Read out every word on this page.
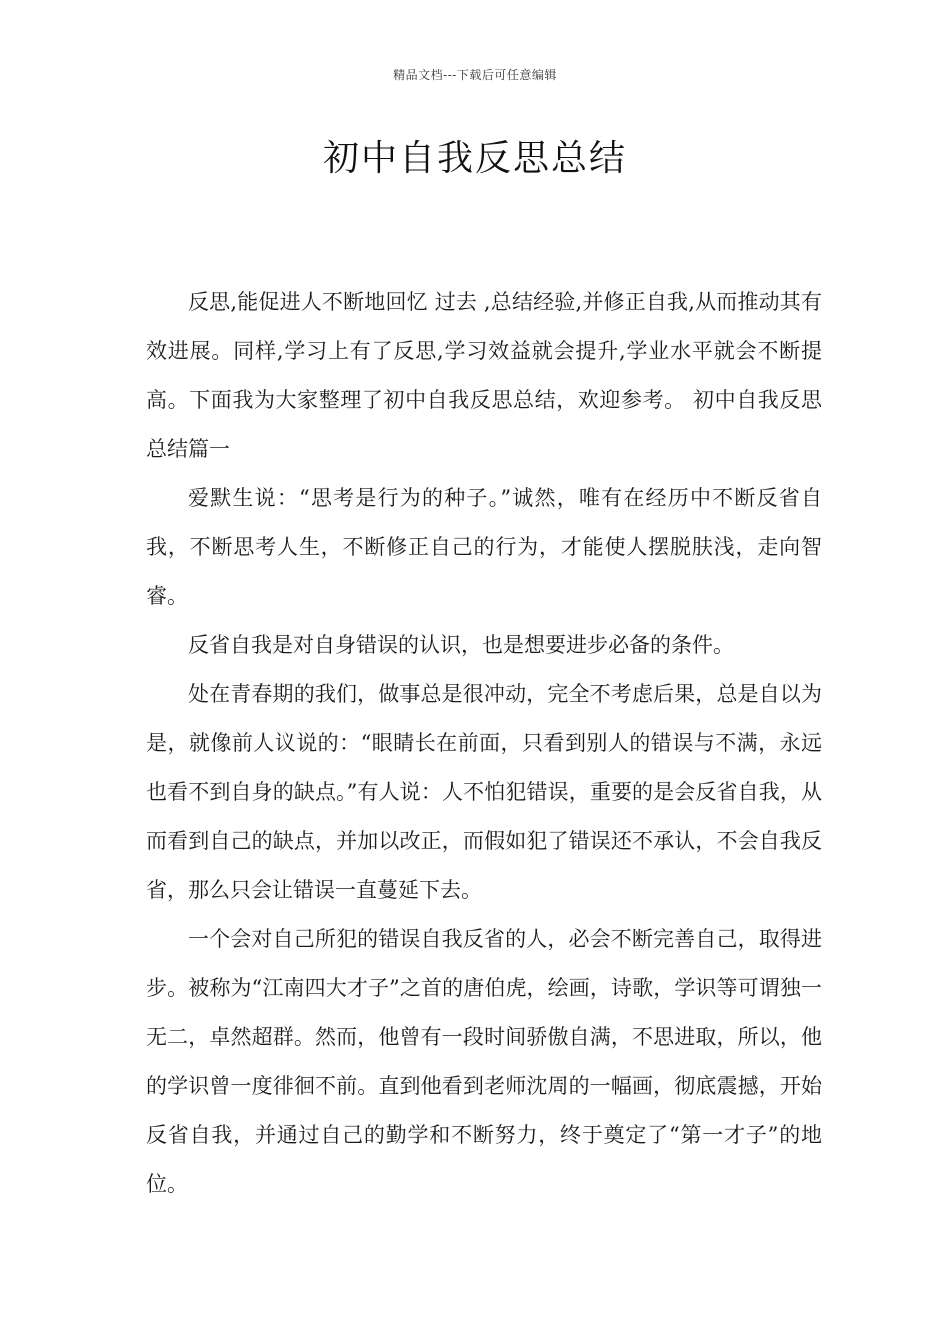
精品文档---下载后可任意编辑
初中自我反思总结

反思,能促进人不断地回忆 过去 ,总结经验,并修正自我,从而推动其有效进展。同样,学习上有了反思,学习效益就会提升,学业水平就会不断提高。下面我为大家整理了初中自我反思总结，欢迎参考。 初中自我反思总结篇一

爱默生说：“思考是行为的种子。”诚然，唯有在经历中不断反省自我，不断思考人生，不断修正自己的行为，才能使人摆脱肤浅，走向智睿。

反省自我是对自身错误的认识，也是想要进步必备的条件。

处在青春期的我们，做事总是很冲动，完全不考虑后果，总是自以为是，就像前人议说的：“眼睛长在前面，只看到别人的错误与不满，永远也看不到自身的缺点。”有人说：人不怕犯错误，重要的是会反省自我，从而看到自己的缺点，并加以改正，而假如犯了错误还不承认，不会自我反省，那么只会让错误一直蔓延下去。

一个会对自己所犯的错误自我反省的人，必会不断完善自己，取得进步。被称为“江南四大才子”之首的唐伯虎，绘画，诗歌，学识等可谓独一无二，卓然超群。然而，他曾有一段时间骄傲自满，不思进取，所以，他的学识曾一度徘徊不前。直到他看到老师沈周的一幅画，彻底震撼，开始反省自我，并通过自己的勤学和不断努力，终于奠定了“第一才子”的地位。
